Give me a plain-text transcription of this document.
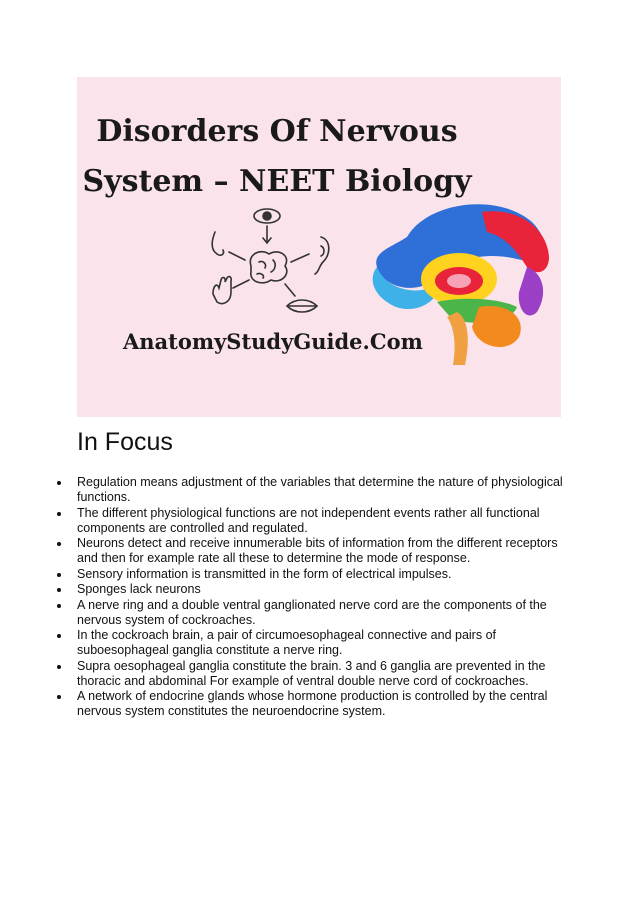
Disorders Of Nervous
System – NEET Biology

AnatomyStudyGuide.Com

In Focus
Regulation means adjustment of the variables that determine the nature of physiological functions.
The different physiological functions are not independent events rather all functional components are controlled and regulated.
Neurons detect and receive innumerable bits of information from the different receptors and then for example rate all these to determine the mode of response.
Sensory information is transmitted in the form of electrical impulses.
Sponges lack neurons
A nerve ring and a double ventral ganglionated nerve cord are the components of the nervous system of cockroaches.
In the cockroach brain, a pair of circumoesophageal connective and pairs of suboesophageal ganglia constitute a nerve ring.
Supra oesophageal ganglia constitute the brain. 3 and 6 ganglia are prevented in the thoracic and abdominal For example of ventral double nerve cord of cockroaches.
A network of endocrine glands whose hormone production is controlled by the central nervous system constitutes the neuroendocrine system.
